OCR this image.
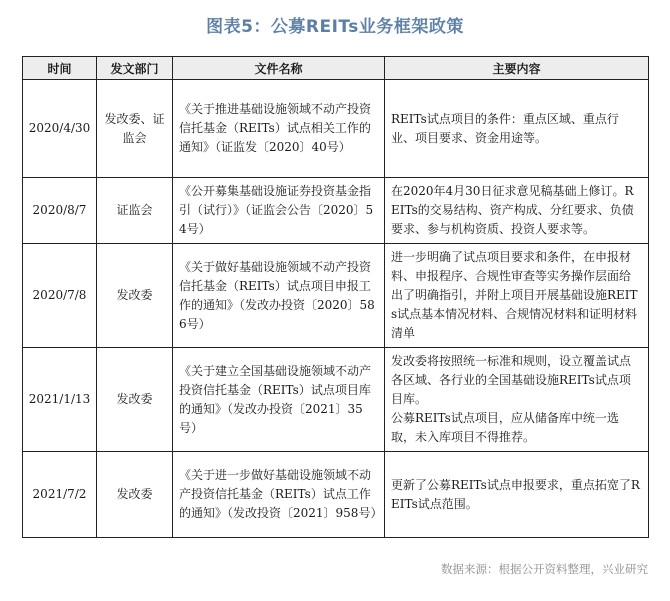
图表5：公募REITs业务框架政策
时间	发文部门	文件名称	主要内容
2020/4/30	发改委、证监会	《关于推进基础设施领域不动产投资信托基金（REITs）试点相关工作的通知》（证监发〔2020〕40号）	REITs试点项目的条件：重点区域、重点行业、项目要求、资金用途等。

2020/8/7	证监会	《公开募集基础设施证券投资基金指引（试行）》（证监会公告〔2020〕54号）	在2020年4月30日征求意见稿基础上修订。REITs的交易结构、资产构成、分红要求、负债要求、参与机构资质、投资人要求等。

2020/7/8	发改委	《关于做好基础设施领域不动产投资信托基金（REITs）试点项目申报工作的通知》（发改办投资〔2020〕586号）	进一步明确了试点项目要求和条件，在申报材料、申报程序、合规性审查等实务操作层面给出了明确指引，并附上项目开展基础设施REITs试点基本情况材料、合规情况材料和证明材料清单

2021/1/13	发改委	《关于建立全国基础设施领域不动产投资信托基金（REITs）试点项目库的通知》（发改办投资〔2021〕35号）	发改委将按照统一标准和规则，设立覆盖试点各区域、各行业的全国基础设施REITs试点项目库。
公募REITs试点项目，应从储备库中统一选取，未入库项目不得推荐。

2021/7/2	发改委	《关于进一步做好基础设施领域不动产投资信托基金（REITs）试点工作的通知》（发改投资〔2021〕958号）	更新了公募REITs试点申报要求，重点拓宽了REITs试点范围。
数据来源：根据公开资料整理，兴业研究
